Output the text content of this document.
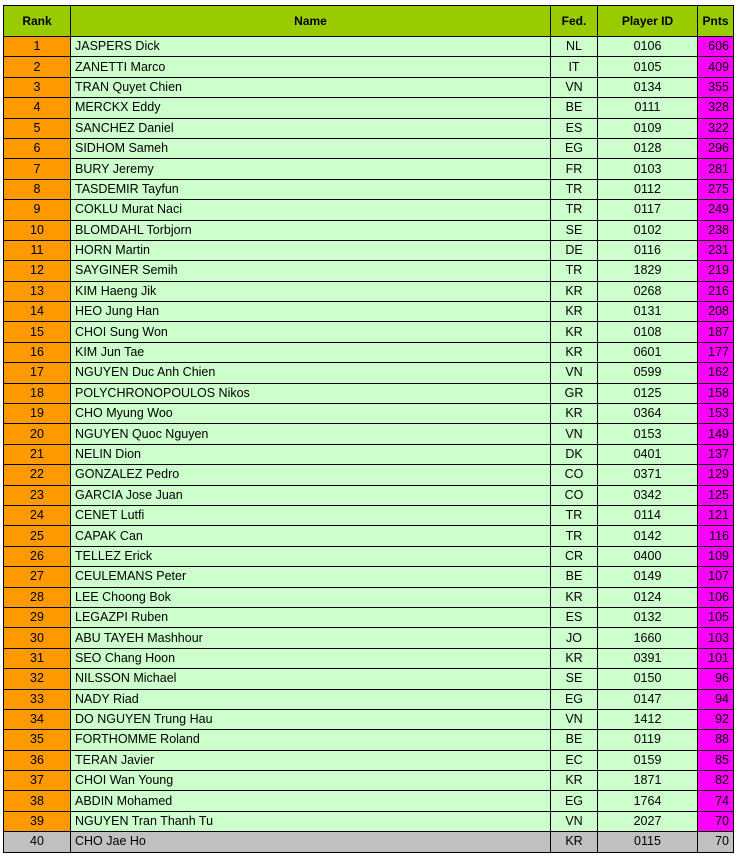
Rank	Name	Fed.	Player ID	Pnts
1	JASPERS Dick	NL	0106	606
2	ZANETTI Marco	IT	0105	409
3	TRAN Quyet Chien	VN	0134	355
4	MERCKX Eddy	BE	0111	328
5	SANCHEZ Daniel	ES	0109	322
6	SIDHOM Sameh	EG	0128	296
7	BURY Jeremy	FR	0103	281
8	TASDEMIR Tayfun	TR	0112	275
9	COKLU Murat Naci	TR	0117	249
10	BLOMDAHL Torbjorn	SE	0102	238
11	HORN Martin	DE	0116	231
12	SAYGINER Semih	TR	1829	219
13	KIM Haeng Jik	KR	0268	216
14	HEO Jung Han	KR	0131	208
15	CHOI Sung Won	KR	0108	187
16	KIM Jun Tae	KR	0601	177
17	NGUYEN Duc Anh Chien	VN	0599	162
18	POLYCHRONOPOULOS Nikos	GR	0125	158
19	CHO Myung Woo	KR	0364	153
20	NGUYEN Quoc Nguyen	VN	0153	149
21	NELIN Dion	DK	0401	137
22	GONZALEZ Pedro	CO	0371	129
23	GARCIA Jose Juan	CO	0342	125
24	CENET Lutfi	TR	0114	121
25	CAPAK Can	TR	0142	116
26	TELLEZ Erick	CR	0400	109
27	CEULEMANS Peter	BE	0149	107
28	LEE Choong Bok	KR	0124	106
29	LEGAZPI Ruben	ES	0132	105
30	ABU TAYEH Mashhour	JO	1660	103
31	SEO Chang Hoon	KR	0391	101
32	NILSSON Michael	SE	0150	96
33	NADY Riad	EG	0147	94
34	DO NGUYEN Trung Hau	VN	1412	92
35	FORTHOMME Roland	BE	0119	88
36	TERAN Javier	EC	0159	85
37	CHOI Wan Young	KR	1871	82
38	ABDIN Mohamed	EG	1764	74
39	NGUYEN Tran Thanh Tu	VN	2027	70
40	CHO Jae Ho	KR	0115	70
